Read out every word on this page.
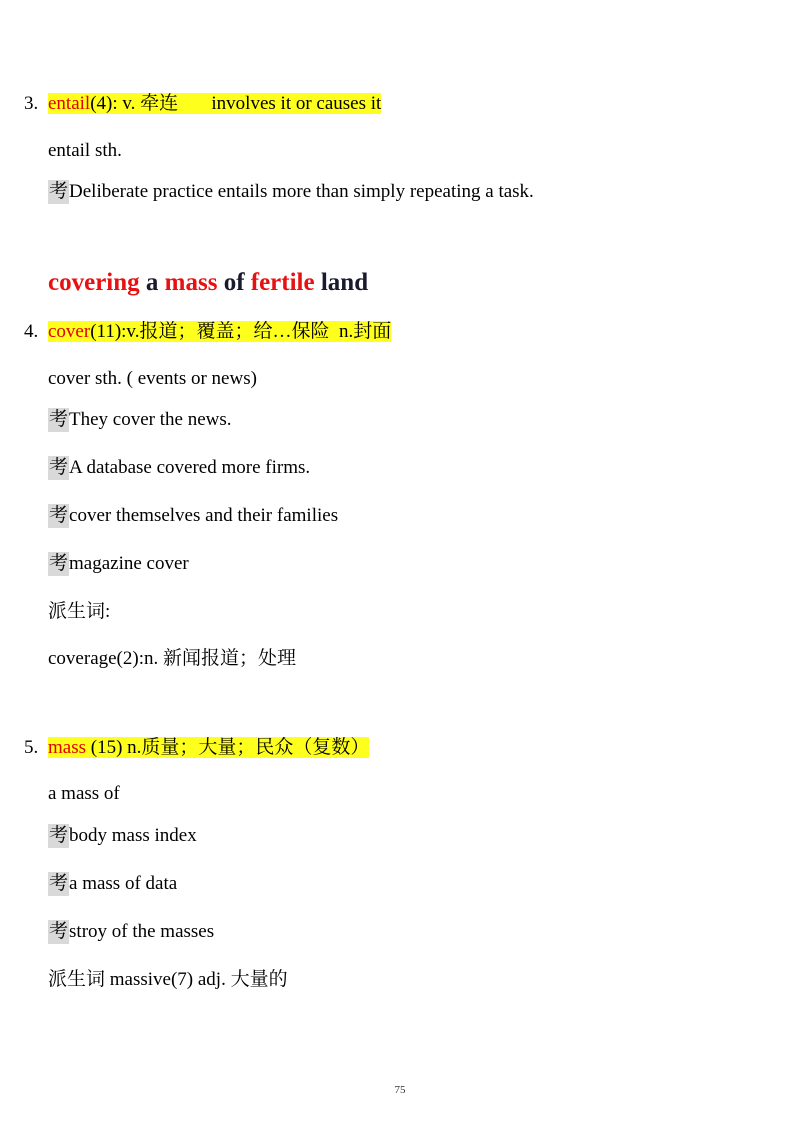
3. entail(4): v. 牵连       involves it or causes it
entail sth.
考Deliberate practice entails more than simply repeating a task.
covering a mass of fertile land
4. cover(11):v.报道；覆盖；给…保险  n.封面
cover sth. ( events or news)
考They cover the news.
考A database covered more firms.
考cover themselves and their families
考magazine cover
派生词:
coverage(2):n. 新闻报道；处理
5. mass (15) n.质量；大量；民众（复数）
a mass of
考body mass index
考a mass of data
考stroy of the masses
派生词 massive(7) adj. 大量的
75
